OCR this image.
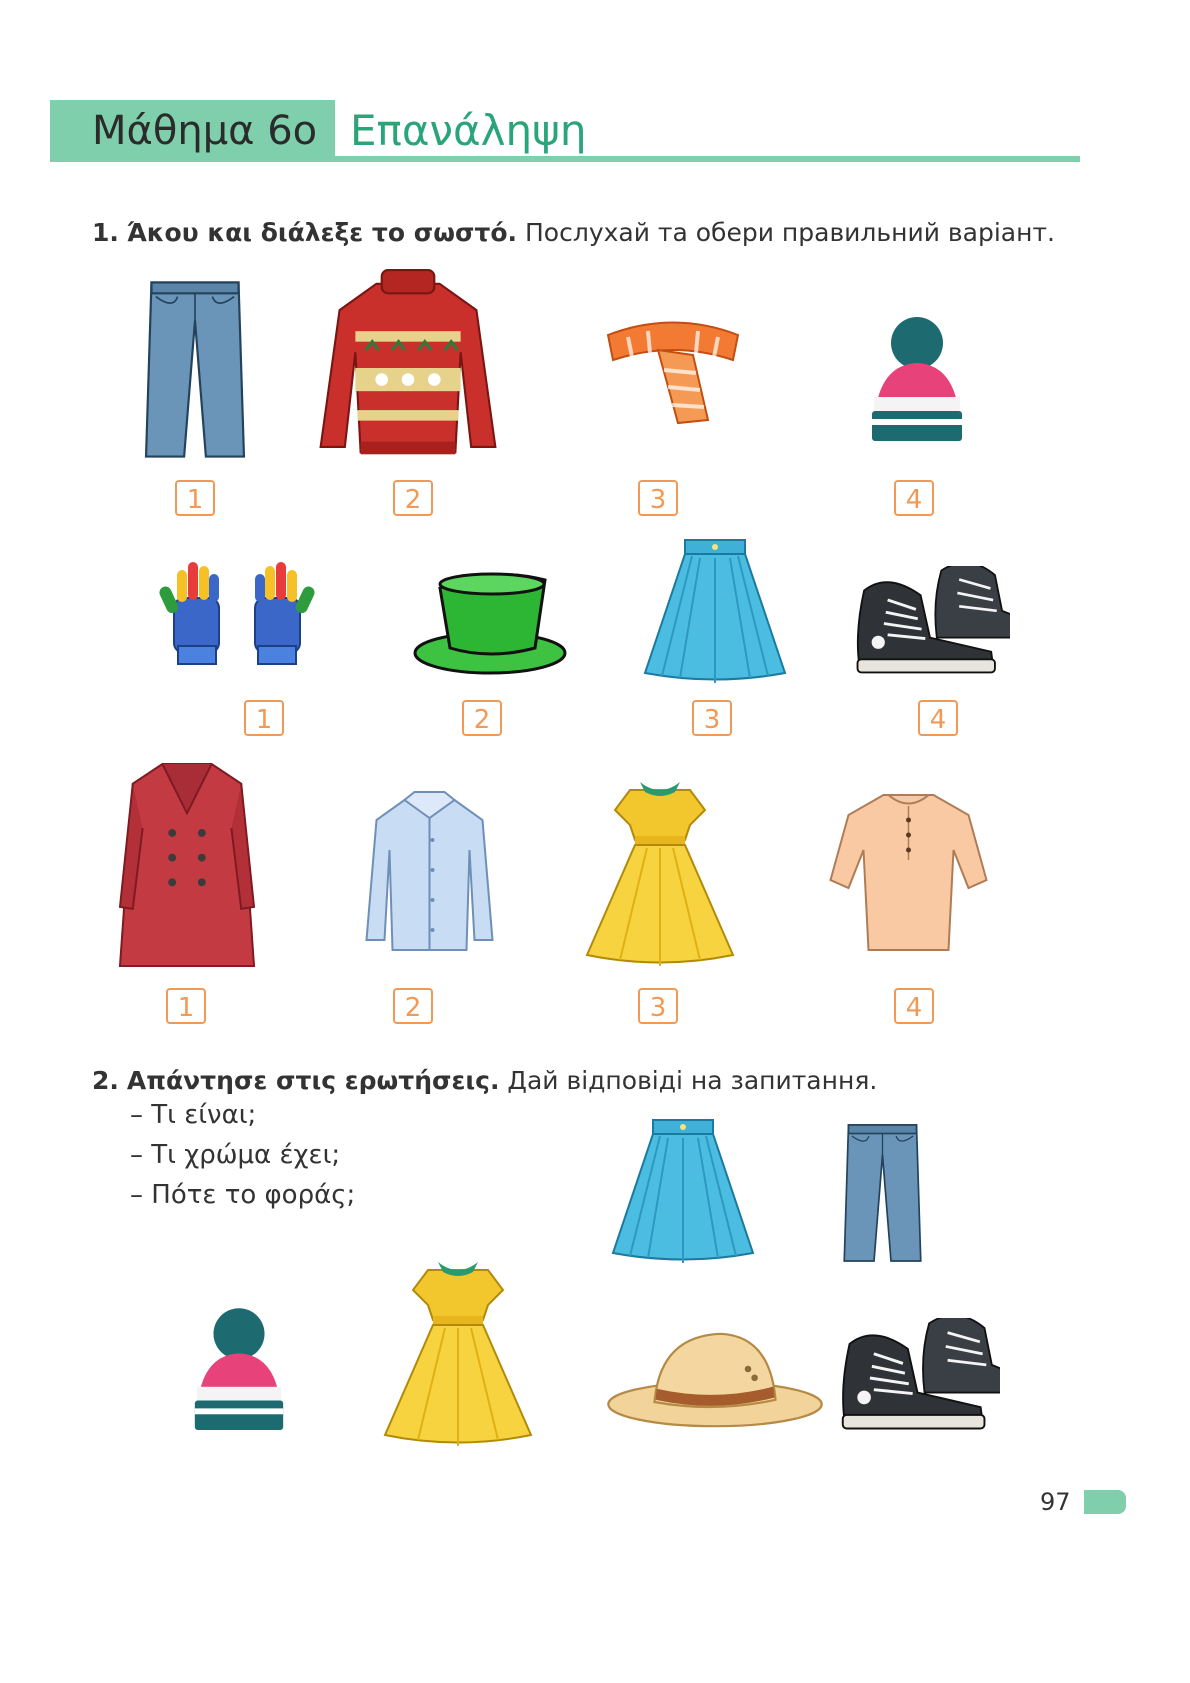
Μάθημα 6ο Επανάληψη
1. Άκου και διάλεξε το σωστό. Послухай та обери правильний варіант.
1	2	3	4
1	2	3	4
1	2	3	4
2. Απάντησε στις ερωτήσεις. Дай відповіді на запитання.
– Τι είναι;
– Τι χρώμα έχει;
– Πότε το φοράς;
97
